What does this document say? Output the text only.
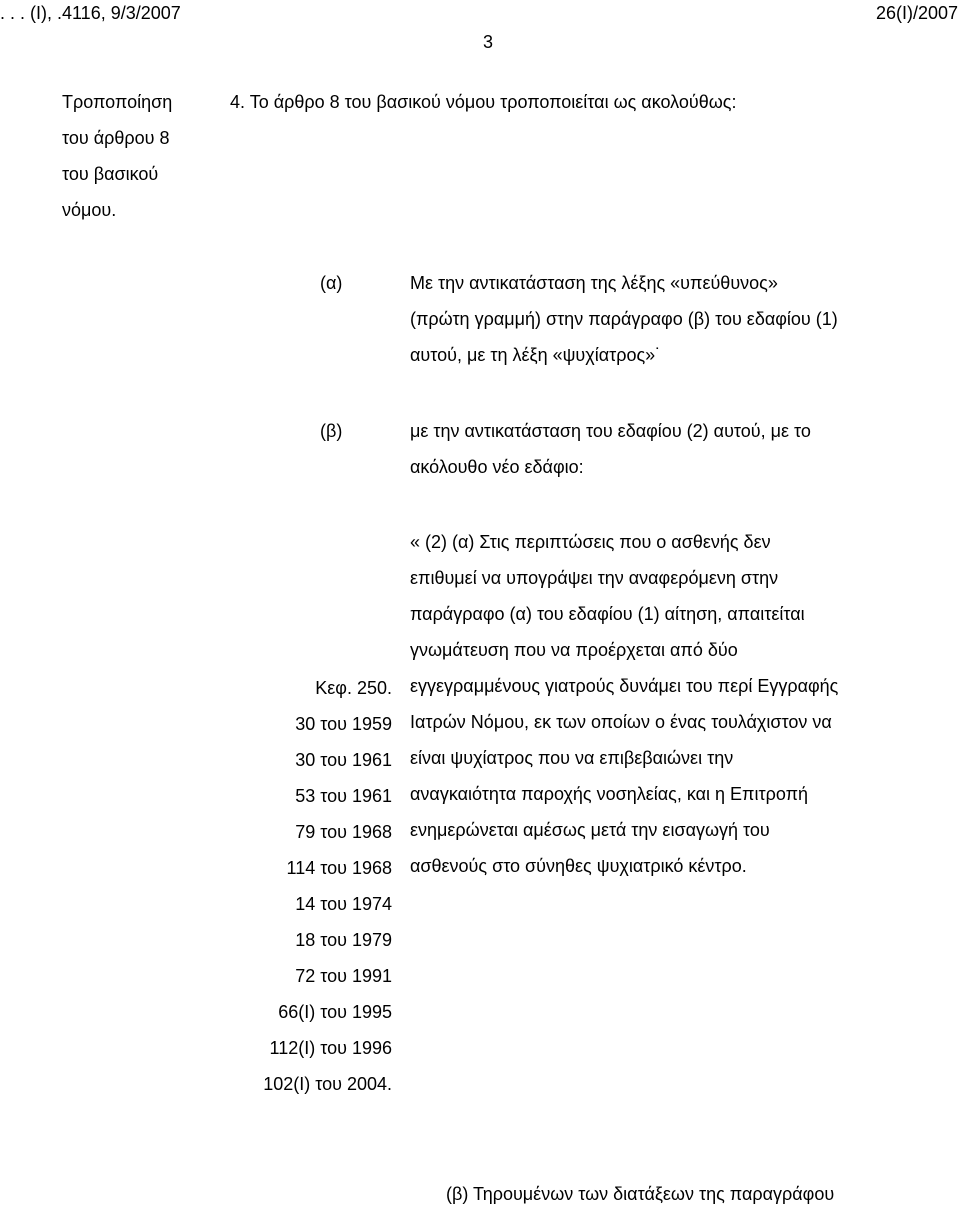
. . . (Ι), .4116, 9/3/2007	26(Ι)/2007
3
Τροποποίηση
του άρθρου 8
του βασικού
νόμου.
4. Το άρθρο 8 του βασικού νόμου τροποποιείται ως ακολούθως:
(α)	Με την αντικατάσταση της λέξης «υπεύθυνος»
(πρώτη γραμμή) στην παράγραφο (β) του εδαφίου (1)
αυτού, με τη λέξη «ψυχίατρος»˙
(β)	με την αντικατάσταση του εδαφίου (2) αυτού, με το
ακόλουθο νέο εδάφιο:
« (2) (α) Στις περιπτώσεις που ο ασθενής δεν
επιθυμεί να υπογράψει την αναφερόμενη στην
παράγραφο (α) του εδαφίου (1) αίτηση, απαιτείται
γνωμάτευση που να προέρχεται από δύο
εγγεγραμμένους γιατρούς δυνάμει του περί Εγγραφής
Ιατρών Νόμου, εκ των οποίων ο ένας τουλάχιστον να
είναι ψυχίατρος που να επιβεβαιώνει την
αναγκαιότητα παροχής νοσηλείας, και η Επιτροπή
ενημερώνεται αμέσως μετά την εισαγωγή του
ασθενούς στο σύνηθες ψυχιατρικό κέντρο.
Κεφ. 250.
30 του 1959
30 του 1961
53 του 1961
79 του 1968
114 του 1968
14 του 1974
18 του 1979
72 του 1991
66(Ι) του 1995
112(Ι) του 1996
102(Ι) του 2004.
(β) Τηρουμένων των διατάξεων της παραγράφου
